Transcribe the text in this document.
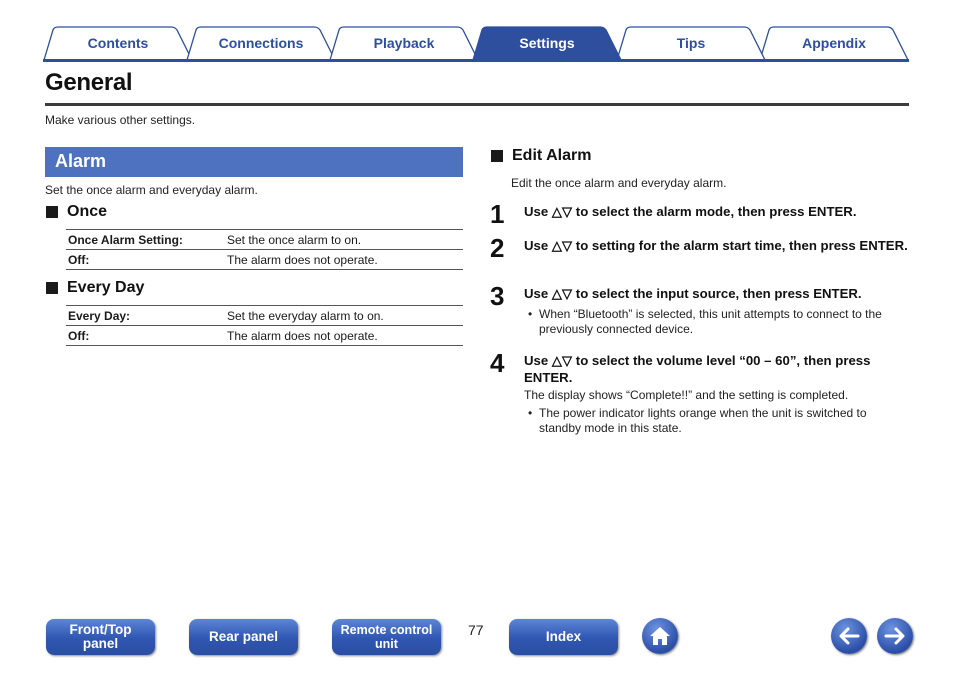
Contents	Connections	Playback	Appendix
Tips
Settings
General

Make various other settings.

Alarm

Set the once alarm and everyday alarm.

Once
Once Alarm Setting:	Set the once alarm to on.
Off:	The alarm does not operate.
Every Day
Every Day:	Set the everyday alarm to on.
Off:	The alarm does not operate.
Edit Alarm

Edit the once alarm and everyday alarm.

1 Use △▽ to select the alarm mode, then press ENTER.
2 Use △▽ to setting for the alarm start time, then press ENTER.
3 Use △▽ to select the input source, then press ENTER.
• When “Bluetooth” is selected, this unit attempts to connect to the previously connected device.
4 Use △▽ to select the volume level “00 – 60”, then press ENTER.
The display shows “Complete!!” and the setting is completed.
• The power indicator lights orange when the unit is switched to standby mode in this state.
Front/Top panel	Rear panel	Remote control unit
77	Index
